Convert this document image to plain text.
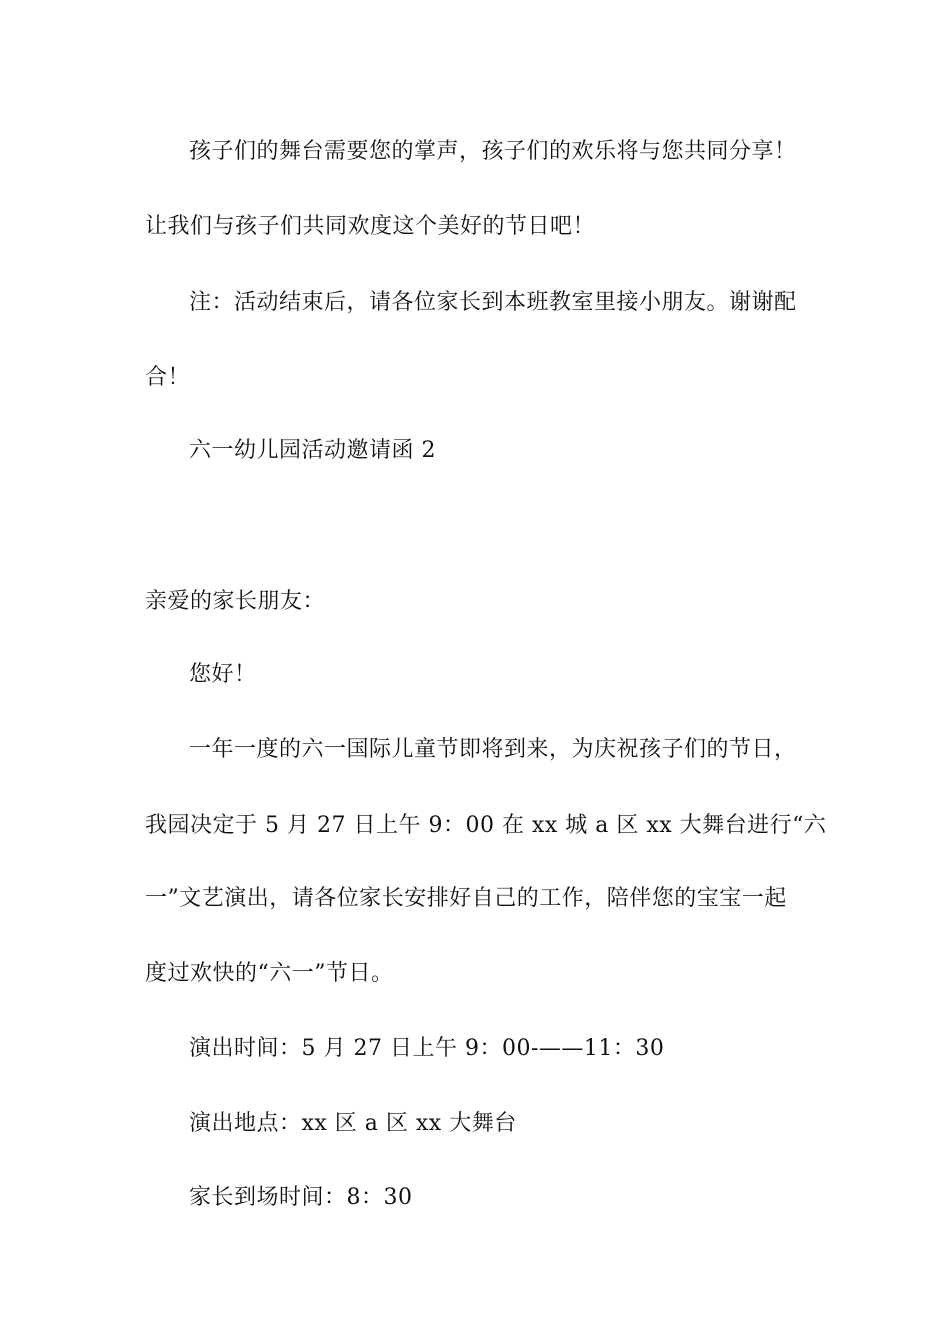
孩子们的舞台需要您的掌声，孩子们的欢乐将与您共同分享！

让我们与孩子们共同欢度这个美好的节日吧！

注：活动结束后，请各位家长到本班教室里接小朋友。谢谢配

合！

六一幼儿园活动邀请函 2

亲爱的家长朋友：

您好！

一年一度的六一国际儿童节即将到来，为庆祝孩子们的节日，

我园决定于 5 月 27 日上午 9：00 在 xx 城 a 区 xx 大舞台进行“六

一”文艺演出，请各位家长安排好自己的工作，陪伴您的宝宝一起

度过欢快的“六一”节日。

演出时间：5 月 27 日上午 9：00-——11：30

演出地点：xx 区 a 区 xx 大舞台

家长到场时间：8：30
